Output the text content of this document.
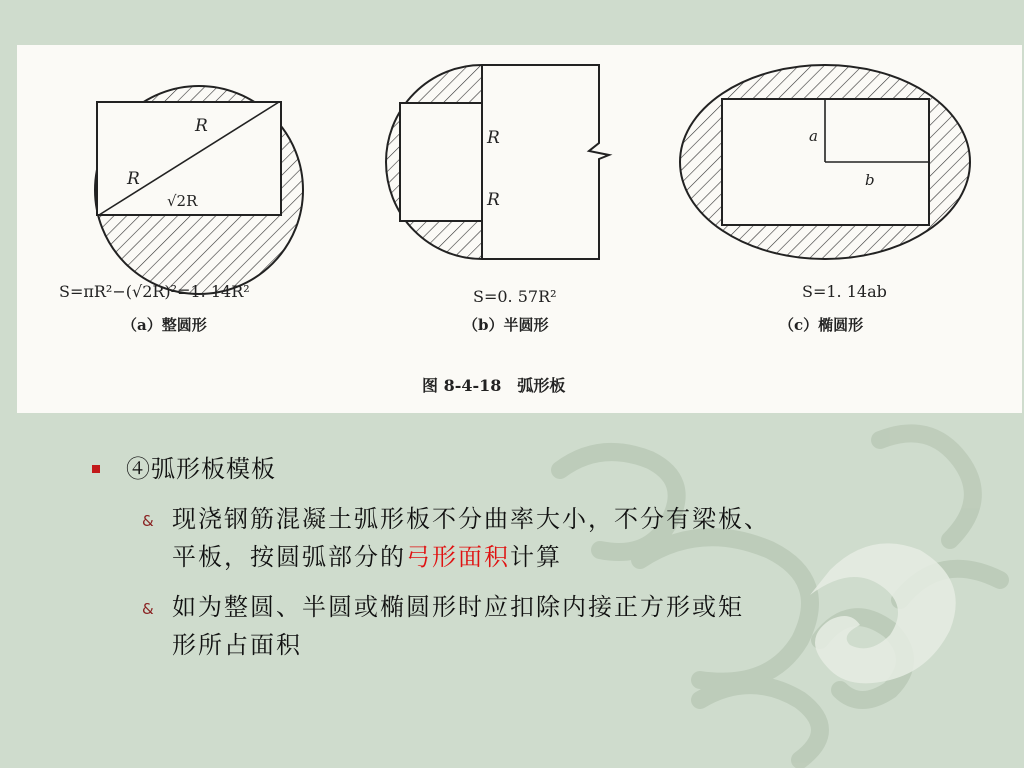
R
R
√2R
S=πR²−(√2R)²=1. 14R²
（a）整圆形
R
R
S=0. 57R²
（b）半圆形
a
b
S=1. 14ab
（c）椭圆形
图 8-4-18　弧形板
④弧形板模板
& 现浇钢筋混凝土弧形板不分曲率大小，不分有梁板、
平板，按圆弧部分的弓形面积计算
& 如为整圆、半圆或椭圆形时应扣除内接正方形或矩
形所占面积
